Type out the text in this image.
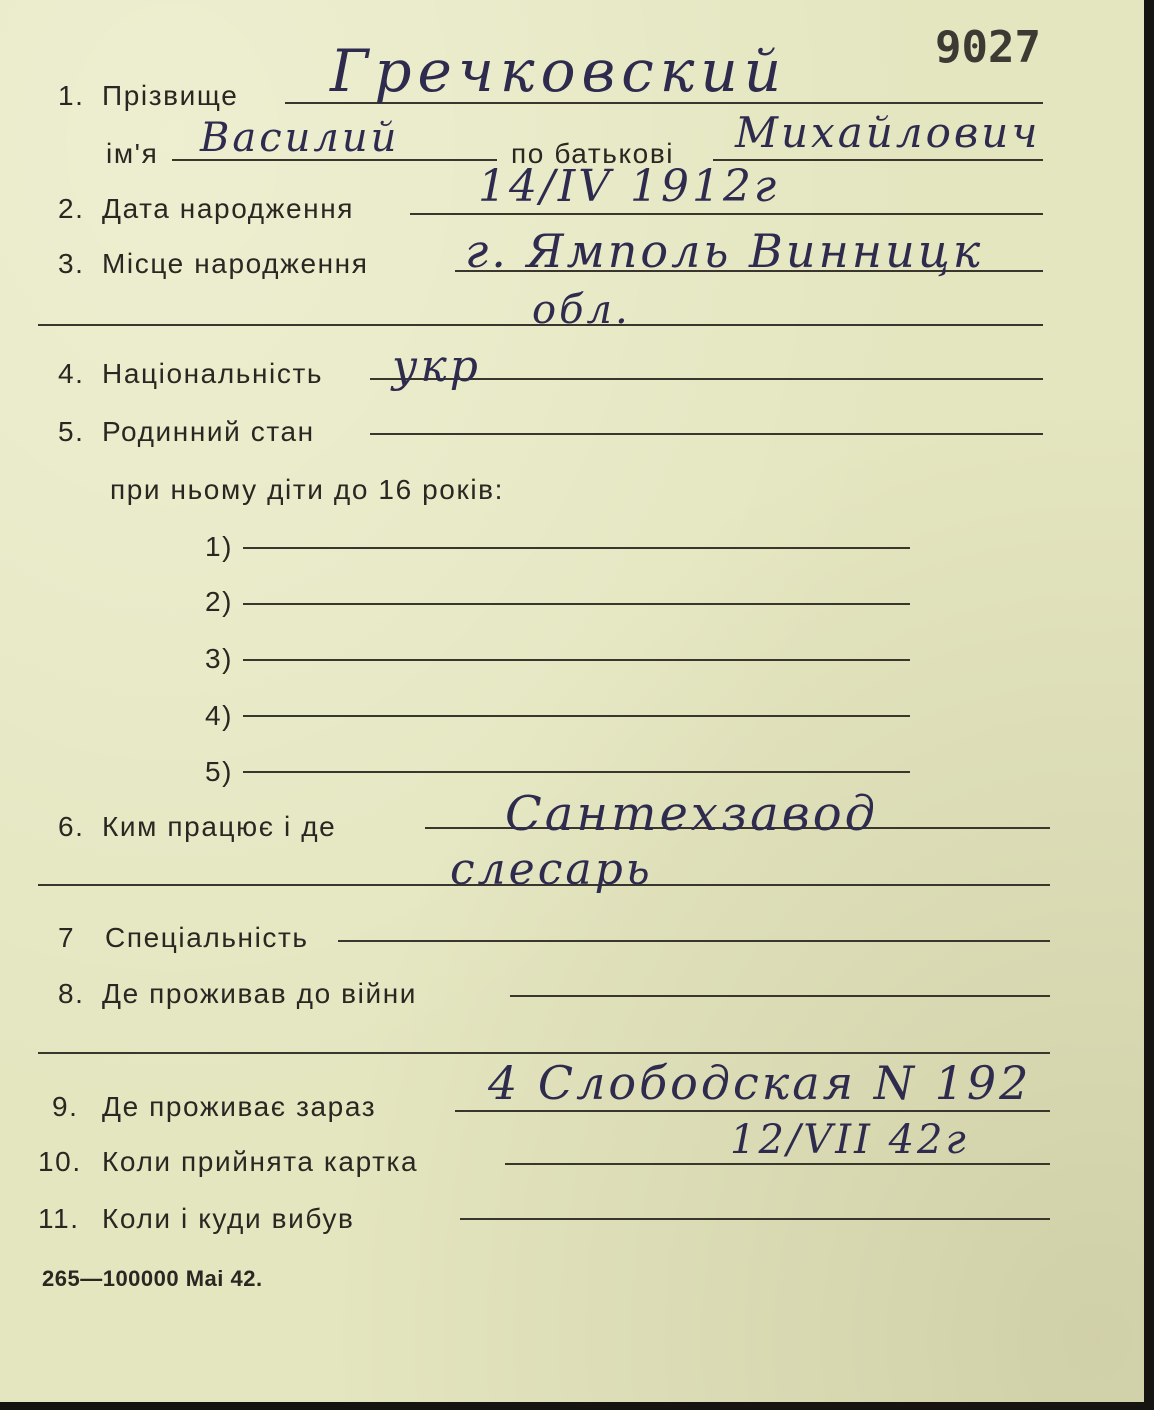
9027
1. Прізвище Гречковский
ім'я Василий	по батькові Михайлович
2. Дата народження	14/IV 1912г
3. Місце народження г. Ямполь Винницк
обл.
4. Національність укр
5. Родинний стан
при ньому діти до 16 років:
1)
2)
3)
4)
5)
6. Ким працює і де	Сантехзавод
слесарь
7 Спеціальність
8. Де проживав до війни
9. Де проживає зараз 4 Слободская N 192
10. Коли прийнята картка	12/VII 42г
11. Коли і куди вибув
265—100000 Mai 42.
